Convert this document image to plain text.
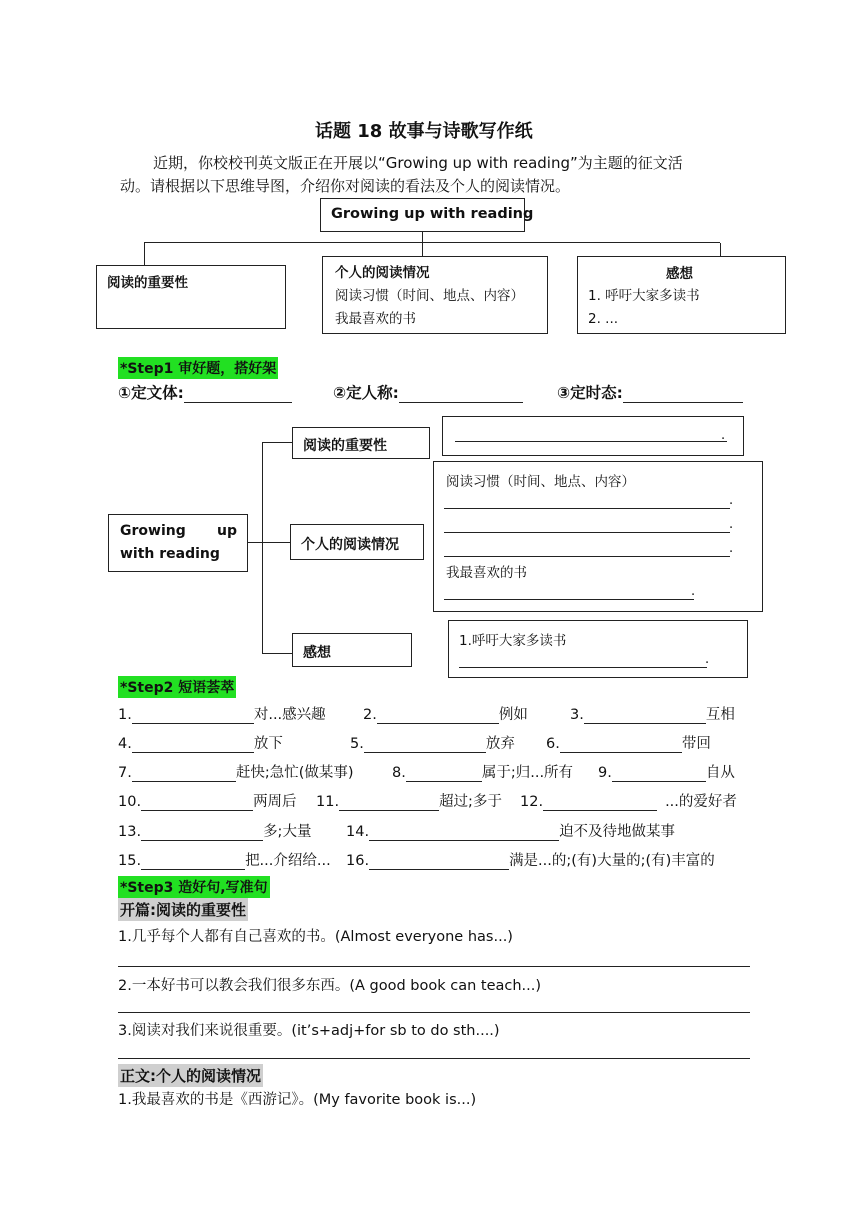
话题 18 故事与诗歌写作纸
近期，你校校刊英文版正在开展以“Growing up with reading”为主题的征文活
动。请根据以下思维导图，介绍你对阅读的看法及个人的阅读情况。
Growing up with reading
阅读的重要性
个人的阅读情况
阅读习惯（时间、地点、内容）
我最喜欢的书
感想
1. 呼吁大家多读书
2. ...
*Step1 审好题，搭好架
①定文体:	②定人称:	③定时态:
Growing up
with reading
阅读的重要性
个人的阅读情况
感想
.
阅读习惯（时间、地点、内容）
.
.
.
我最喜欢的书
.
1.呼吁大家多读书
.
*Step2 短语荟萃
1.	对...感兴趣	2.	例如	3.	互相
4.	放下	5.	放弃 6.	带回
7.	赶快;急忙(做某事)	8.	属于;归...所有 9.	自从
10.	两周后 11.	超过;多于 12.	...的爱好者
13.	多;大量 14.	迫不及待地做某事
15.	把...介绍给... 16.	满是...的;(有)大量的;(有)丰富的
*Step3 造好句,写准句
开篇:阅读的重要性
1.几乎每个人都有自己喜欢的书。(Almost everyone has...)
2.一本好书可以教会我们很多东西。(A good book can teach...)
3.阅读对我们来说很重要。(it’s+adj+for sb to do sth....)
正文:个人的阅读情况
1.我最喜欢的书是《西游记》。(My favorite book is...)
